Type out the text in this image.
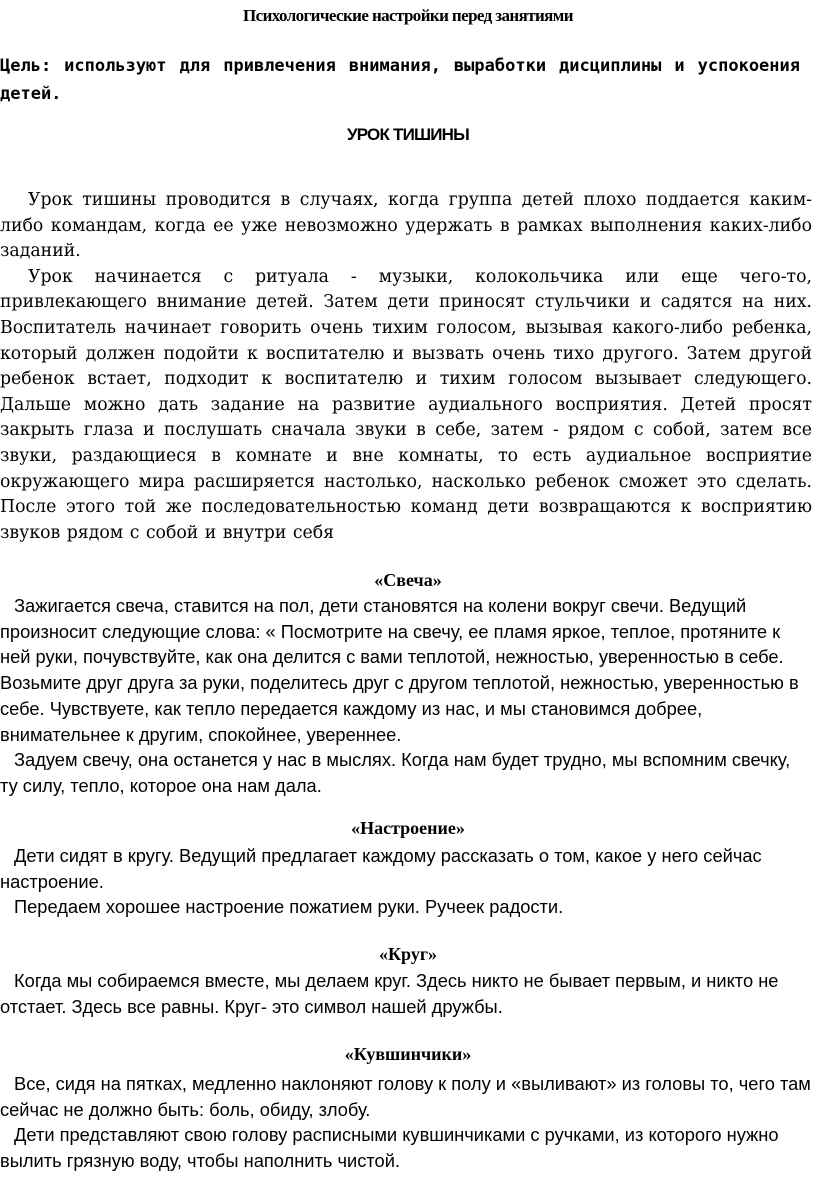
Психологические настройки перед занятиями
Цель: используют для привлечения внимания, выработки дисциплины и успокоения детей.
УРОК ТИШИНЫ

Урок тишины проводится в случаях, когда группа детей плохо поддается каким-либо командам, когда ее уже невозможно удержать в рамках выполнения каких-либо заданий.

Урок начинается с ритуала - музыки, колокольчика или еще чего-то, привлекающего внимание детей. Затем дети приносят стульчики и садятся на них. Воспитатель начинает говорить очень тихим голосом, вызывая какого-либо ребенка, который должен подойти к воспитателю и вызвать очень тихо другого. Затем другой ребенок встает, подходит к воспитателю и тихим голосом вызывает следующего. Дальше можно дать задание на развитие аудиального восприятия. Детей просят закрыть глаза и послушать сначала звуки в себе, затем - рядом с собой, затем все звуки, раздающиеся в комнате и вне комнаты, то есть аудиальное восприятие окружающего мира расширяется настолько, насколько ребенок сможет это сделать. После этого той же последовательностью команд дети возвращаются к восприятию звуков рядом с собой и внутри себя

«Свеча»

Зажигается свеча, ставится на пол, дети становятся на колени вокруг свечи. Ведущий произносит следующие слова: « Посмотрите на свечу, ее пламя яркое, теплое, протяните к ней руки, почувствуйте, как она делится с вами теплотой, нежностью, уверенностью в себе. Возьмите друг друга за руки, поделитесь друг с другом теплотой, нежностью, уверенностью в себе. Чувствуете, как тепло передается каждому из нас, и мы становимся добрее, внимательнее к другим, спокойнее, увереннее.

Задуем свечу, она останется у нас в мыслях. Когда нам будет трудно, мы вспомним свечку, ту силу, тепло, которое она нам дала.

«Настроение»

Дети сидят в кругу. Ведущий предлагает каждому рассказать о том, какое у него сейчас настроение.

Передаем хорошее настроение пожатием руки. Ручеек радости.

«Круг»

Когда мы собираемся вместе, мы делаем круг. Здесь никто не бывает первым, и никто не отстает. Здесь все равны. Круг- это символ нашей дружбы.

«Кувшинчики»

Все, сидя на пятках, медленно наклоняют голову к полу и «выливают» из головы то, чего там сейчас не должно быть: боль, обиду, злобу.

Дети представляют свою голову расписными кувшинчиками с ручками, из которого нужно вылить грязную воду, чтобы наполнить чистой.
